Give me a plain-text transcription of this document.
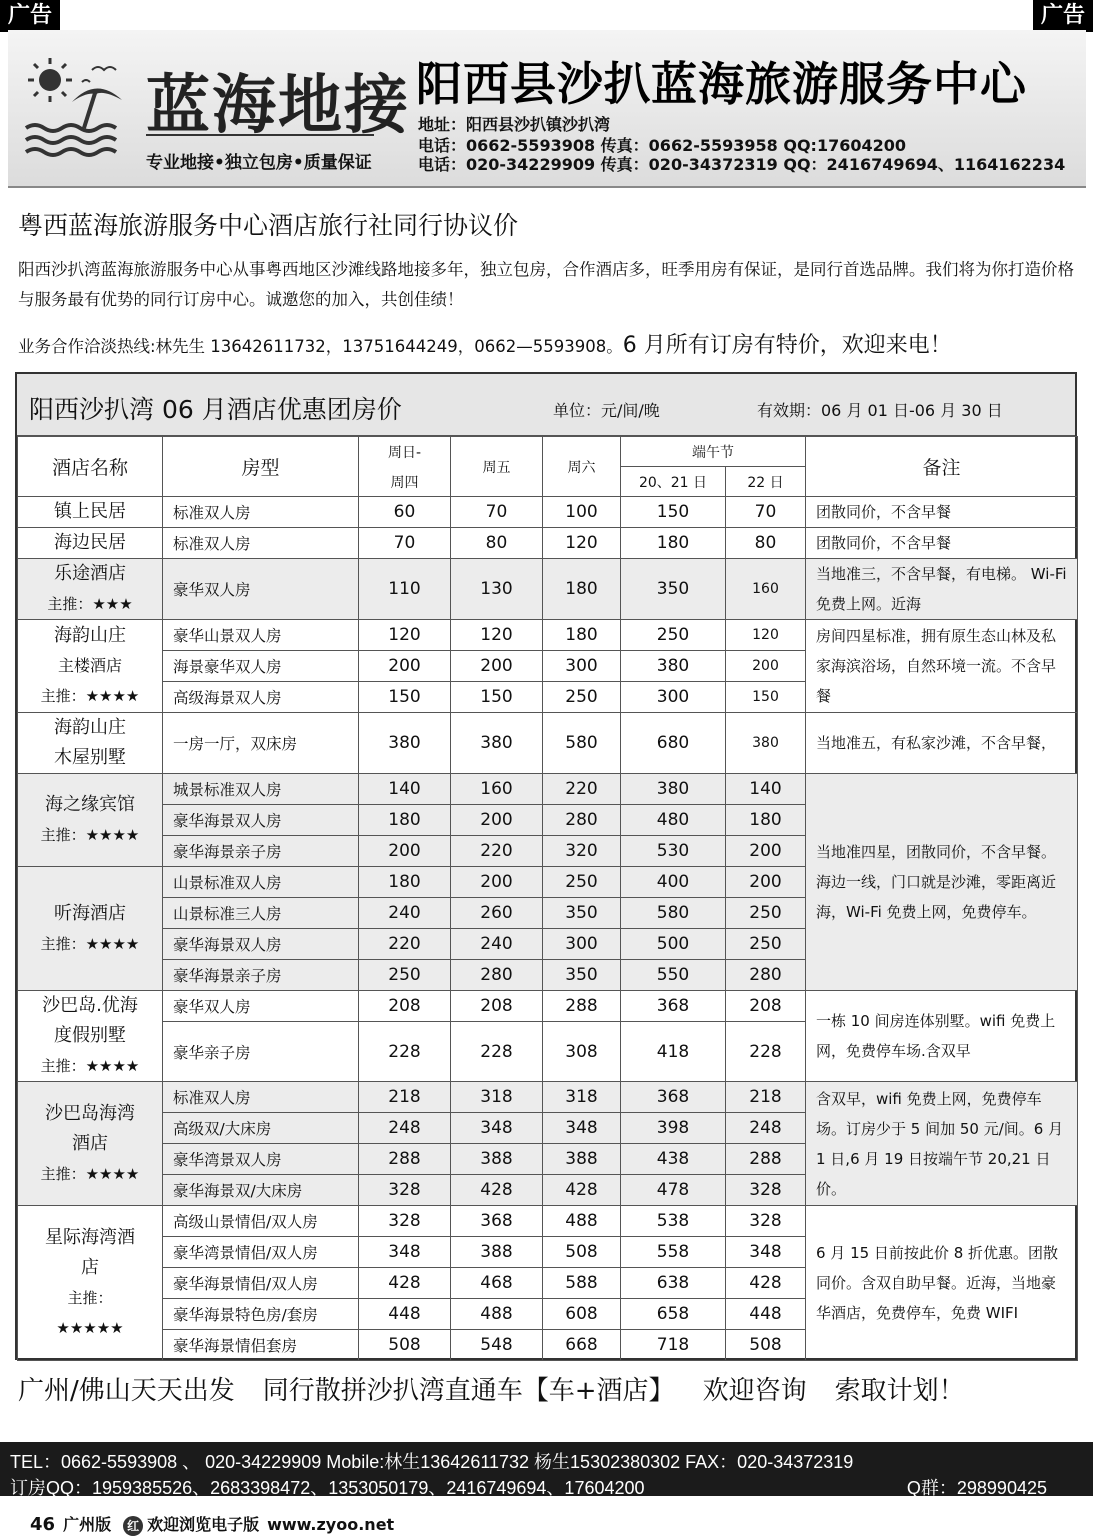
广告	广告
蓝海地接
专业地接•独立包房•质量保证
阳西县沙扒蓝海旅游服务中心
地址：阳西县沙扒镇沙扒湾
电话：0662-5593908 传真：0662-5593958 QQ:17604200
电话：020-34229909 传真：020-34372319 QQ：2416749694、1164162234
粤西蓝海旅游服务中心酒店旅行社同行协议价
阳西沙扒湾蓝海旅游服务中心从事粤西地区沙滩线路地接多年，独立包房，合作酒店多，旺季用房有保证，是同行首选品牌。我们将为你打造价格与服务最有优势的同行订房中心。诚邀您的加入，共创佳绩！
业务合作洽淡热线:林先生 13642611732，13751644249，0662—5593908。6 月所有订房有特价，欢迎来电！
阳西沙扒湾 06 月酒店优惠团房价	单位：元/间/晚	有效期：06 月 01 日-06 月 30 日
酒店名称	房型	周日-
周四	周五	周六	端午节		备注
					20、21 日	22 日	
镇上民居	标准双人房	60	70	100	150	70	团散同价，不含早餐
海边民居	标准双人房	70	80	120	180	80	团散同价，不含早餐

乐途酒店
主推：★★★	豪华双人房	110	130	180	350	160	当地准三，不含早餐，有电梯。 Wi-Fi 免费上网。近海

海韵山庄
主楼酒店
主推：★★★★	豪华山景双人房	120	120	180	250	120	房间四星标准，拥有原生态山林及私家海滨浴场，自然环境一流。不含早餐
	海景豪华双人房	200	200	300	380	200	
	高级海景双人房	150	150	250	300	150	

海韵山庄
木屋别墅	一房一厅，双床房	380	380	580	680	380	当地准五，有私家沙滩，不含早餐，

海之缘宾馆
主推：★★★★	城景标准双人房	140	160	220	380	140	当地准四星，团散同价，不含早餐。海边一线，门口就是沙滩，零距离近海，Wi-Fi 免费上网，免费停车。
	豪华海景双人房	180	200	280	480	180	
	豪华海景亲子房	200	220	320	530	200	

听海酒店
主推：★★★★	山景标准双人房	180	200	250	400	200	
	山景标准三人房	240	260	350	580	250	
	豪华海景双人房	220	240	300	500	250	
	豪华海景亲子房	250	280	350	550	280	

沙巴岛.优海
度假别墅
主推：★★★★	豪华双人房	208	208	288	368	208	一栋 10 间房连体别墅。wifi 免费上网，免费停车场.含双早
	豪华亲子房	228	228	308	418	228	

沙巴岛海湾
酒店
主推：★★★★	标准双人房	218	318	318	368	218	含双早，wifi 免费上网，免费停车场。订房少于 5 间加 50 元/间。6 月 1 日,6 月 19 日按端午节 20,21 日价。
	高级双/大床房	248	348	348	398	248	
	豪华湾景双人房	288	388	388	438	288	
	豪华海景双/大床房	328	428	428	478	328	

星际海湾酒
店
主推：
★★★★★	高级山景情侣/双人房	328	368	488	538	328	6 月 15 日前按此价 8 折优惠。团散同价。含双自助早餐。近海，当地豪华酒店，免费停车，免费 WIFI
	豪华湾景情侣/双人房	348	388	508	558	348	
	豪华海景情侣/双人房	428	468	588	638	428	
	豪华海景特色房/套房	448	488	608	658	448	
	豪华海景情侣套房	508	548	668	718	508	
广州/佛山天天出发 同行散拼沙扒湾直通车【车+酒店】 欢迎咨询 索取计划！
TEL：0662-5593908 、 020-34229909 Mobile:林生13642611732 杨生15302380302 FAX：020-34372319
订房QQ：1959385526、2683398472、1353050179、2416749694、17604200	Q群：298990425
46 广州版 红 欢迎浏览电子版 www.zyoo.net
